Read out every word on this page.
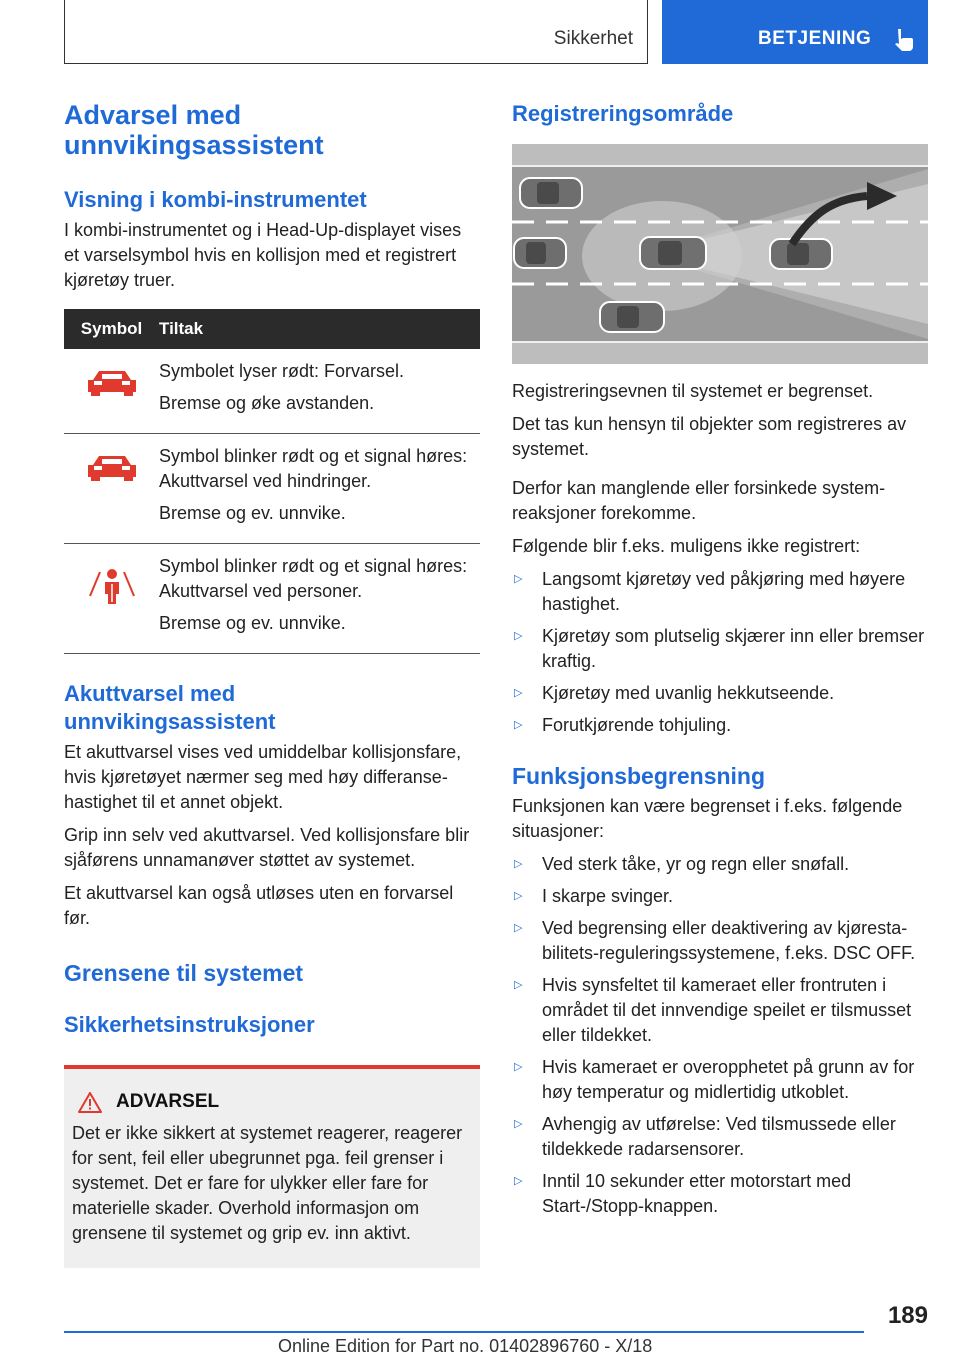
Sikkerhet	BETJENING
Advarsel med unnvikingsassistent
Visning i kombi-instrumentet

I kombi-instrumentet og i Head-Up-displayet vises et varselsymbol hvis en kollisjon med et registrert kjøretøy truer.

Symbol	Tiltak

Symbolet lyser rødt: Forvarsel.

Bremse og øke avstanden.

Symbol blinker rødt og et signal høres: Akuttvarsel ved hindringer.

Bremse og ev. unnvike.

Symbol blinker rødt og et signal høres: Akuttvarsel ved personer.

Bremse og ev. unnvike.

Akuttvarsel med unnvikingsassistent

Et akuttvarsel vises ved umiddelbar kollisjonsfare, hvis kjøretøyet nærmer seg med høy differansehastighet til et annet objekt.

Grip inn selv ved akuttvarsel. Ved kollisjonsfare blir sjåførens unnamanøver støttet av systemet.

Et akuttvarsel kan også utløses uten en forvarsel før.

Grensene til systemet
Sikkerhetsinstruksjoner
ADVARSEL

Det er ikke sikkert at systemet reagerer, reagerer for sent, feil eller ubegrunnet pga. feil grenser i systemet. Det er fare for ulykker eller fare for materielle skader. Overhold informasjon om grensene til systemet og grip ev. inn aktivt.

Registreringsområde

Registreringsevnen til systemet er begrenset.

Det tas kun hensyn til objekter som registreres av systemet.

Derfor kan manglende eller forsinkede systemreaksjoner forekomme.

Følgende blir f.eks. muligens ikke registrert:

▷ Langsomt kjøretøy ved påkjøring med høyere hastighet.
▷ Kjøretøy som plutselig skjærer inn eller bremser kraftig.
▷ Kjøretøy med uvanlig hekkutseende.
▷ Forutkjørende tohjuling.
Funksjonsbegrensning

Funksjonen kan være begrenset i f.eks. følgende situasjoner:

▷ Ved sterk tåke, yr og regn eller snøfall.
▷ I skarpe svinger.
▷ Ved begrensing eller deaktivering av kjørestabilitets-reguleringssystemene, f.eks. DSC OFF.
▷ Hvis synsfeltet til kameraet eller frontruten i området til det innvendige speilet er tilsmusset eller tildekket.
▷ Hvis kameraet er overopphetet på grunn av for høy temperatur og midlertidig utkoblet.
▷ Avhengig av utførelse: Ved tilsmussede eller tildekkede radarsensorer.
▷ Inntil 10 sekunder etter motorstart med Start-/Stopp-knappen.
189
Online Edition for Part no. 01402896760 - X/18
